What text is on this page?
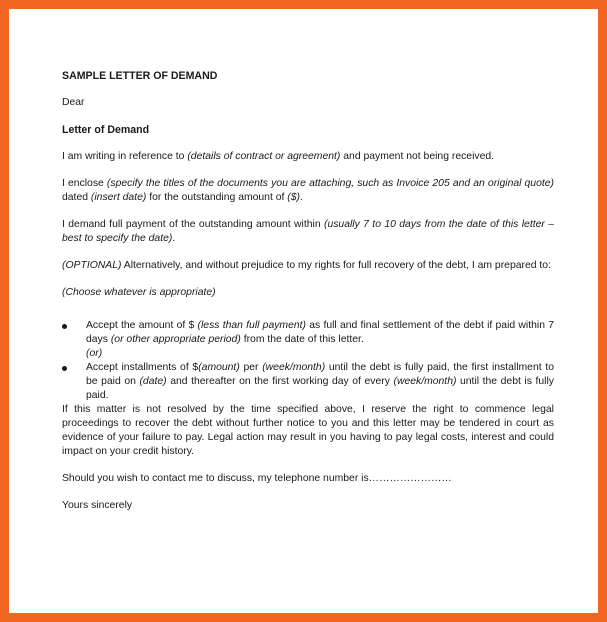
SAMPLE LETTER OF DEMAND

Dear

Letter of Demand

I am writing in reference to (details of contract or agreement) and payment not being received.

I enclose (specify the titles of the documents you are attaching, such as Invoice 205 and an original quote) dated (insert date) for the outstanding amount of ($).

I demand full payment of the outstanding amount within (usually 7 to 10 days from the date of this letter – best to specify the date).

(OPTIONAL) Alternatively, and without prejudice to my rights for full recovery of the debt, I am prepared to:

(Choose whatever is appropriate)

Accept the amount of $ (less than full payment) as full and final settlement of the debt if paid within 7 days (or other appropriate period) from the date of this letter.

(or)

Accept installments of $(amount) per (week/month) until the debt is fully paid, the first installment to be paid on (date) and thereafter on the first working day of every (week/month) until the debt is fully paid.

If this matter is not resolved by the time specified above, I reserve the right to commence legal proceedings to recover the debt without further notice to you and this letter may be tendered in court as evidence of your failure to pay. Legal action may result in you having to pay legal costs, interest and could impact on your credit history.

Should you wish to contact me to discuss, my telephone number is……………………

Yours sincerely
